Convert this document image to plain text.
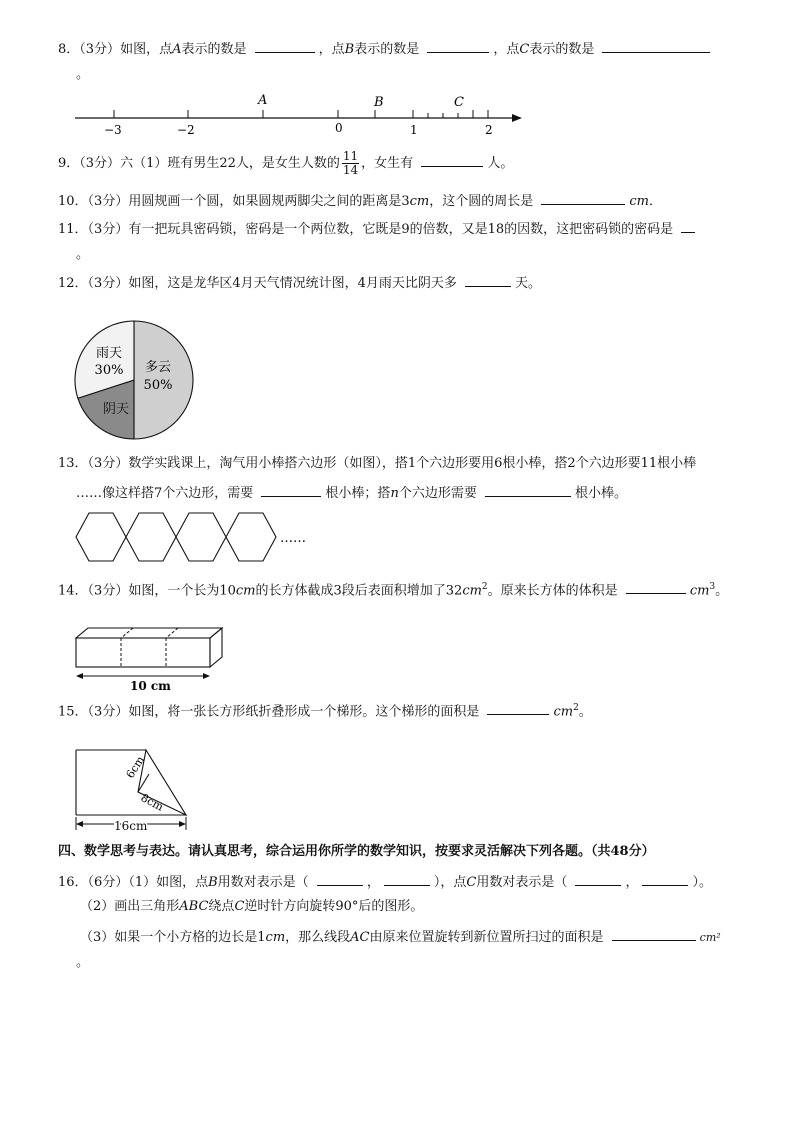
8．（3分）如图，点A表示的数是	，点B表示的数是	，点C表示的数是
。
A	B	C
−3	−2	0	1	2
9．（3分）六（1）班有男生22人，是女生人数的 $\frac{11}{14}$ ，女生有	人。
10．（3分）用圆规画一个圆，如果圆规两脚尖之间的距离是3cm，这个圆的周长是	cm．
11．（3分）有一把玩具密码锁，密码是一个两位数，它既是9的倍数，又是18的因数，这把密码锁的密码是
。
12．（3分）如图，这是龙华区4月天气情况统计图，4月雨天比阴天多	天。
多云
50%
雨天
30%
阴天
13．（3分）数学实践课上，淘气用小棒搭六边形（如图），搭1个六边形要用6根小棒，搭2个六边形要11根小棒
……像这样搭7个六边形，需要	根小棒；搭n个六边形需要	根小棒。
……
14．（3分）如图，一个长为10cm的长方体截成3段后表面积增加了$32cm^2$。原来长方体的体积是	$cm^3$。
10 cm
15．（3分）如图，将一张长方形纸折叠形成一个梯形。这个梯形的面积是	$cm^2$。
6cm
8cm
16cm
四、数学思考与表达。请认真思考，综合运用你所学的数学知识，按要求灵活解决下列各题。（共48分）
16．（6分）（1）如图，点B用数对表示是（	，	），点C用数对表示是（	，	）。
（2）画出三角形ABC绕点C逆时针方向旋转90°后的图形。
（3）如果一个小方格的边长是1cm，那么线段AC由原来位置旋转到新位置所扫过的面积是	cm²
。
